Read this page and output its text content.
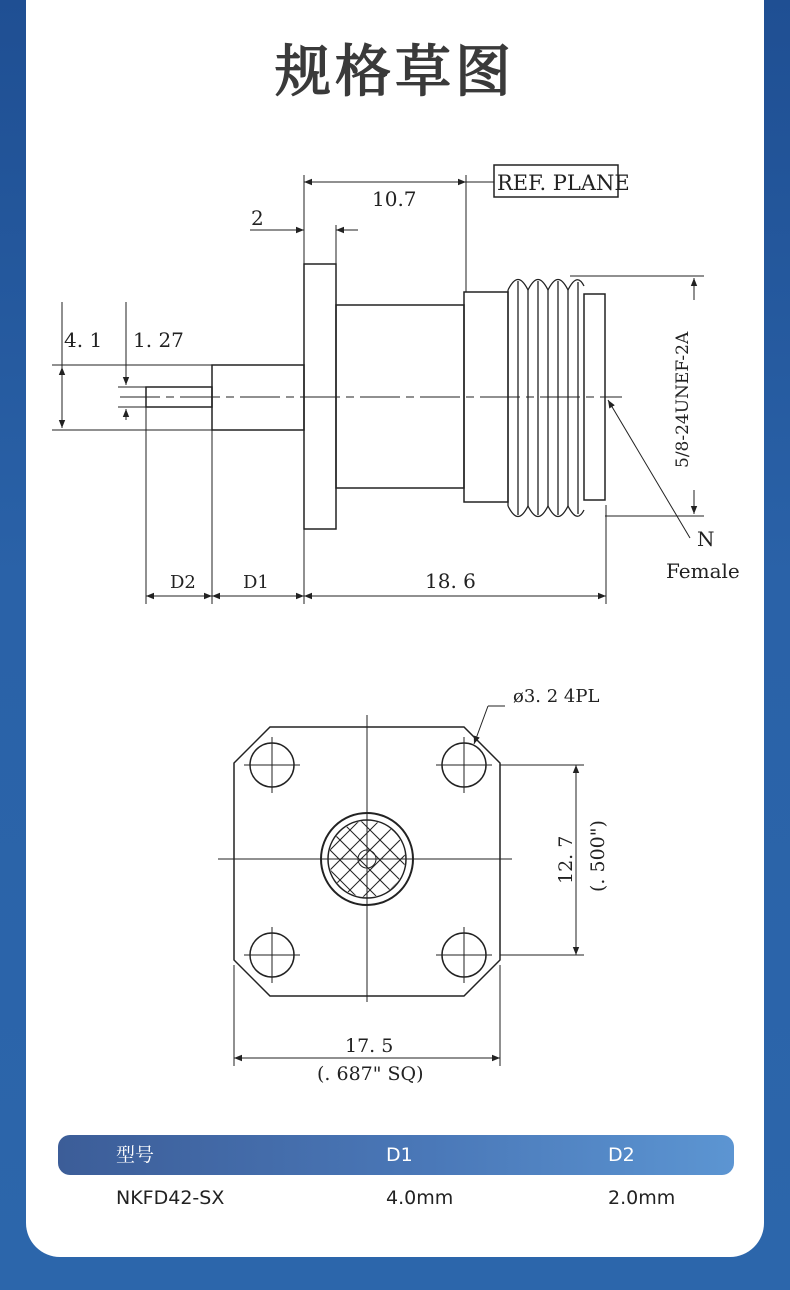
规格草图
10.7
REF. PLANE
2
4. 1 1. 27	5/8-24UNEF-2A
N
Female
D2	D1	18. 6
ø3. 2 4PL
12. 7 (. 500")
17. 5
(. 687" SQ)
型号	D1	D2
NKFD42-SX	4.0mm	2.0mm
